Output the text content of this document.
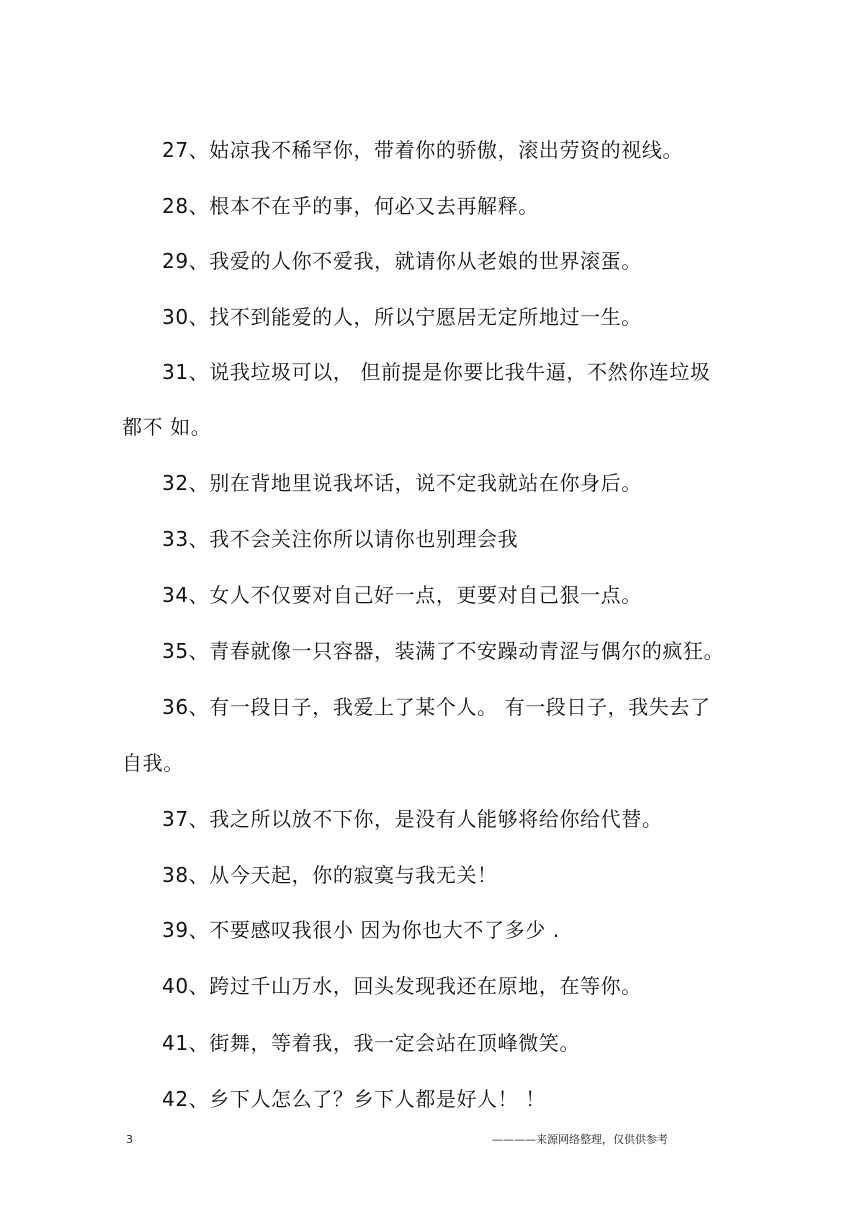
27、姑凉我不稀罕你，带着你的骄傲，滚出劳资的视线。
28、根本不在乎的事，何必又去再解释。
29、我爱的人你不爱我，就请你从老娘的世界滚蛋。
30、找不到能爱的人，所以宁愿居无定所地过一生。
31、说我垃圾可以， 但前提是你要比我牛逼，不然你连垃圾
都不 如。
32、别在背地里说我坏话，说不定我就站在你身后。
33、我不会关注你所以请你也别理会我
34、女人不仅要对自己好一点，更要对自己狠一点。
35、青春就像一只容器，装满了不安躁动青涩与偶尔的疯狂。
36、有一段日子，我爱上了某个人。 有一段日子，我失去了
自我。
37、我之所以放不下你，是没有人能够将给你给代替。
38、从今天起，你的寂寞与我无关！
39、不要感叹我很小 因为你也大不了多少 .
40、跨过千山万水，回头发现我还在原地，在等你。
41、街舞，等着我，我一定会站在顶峰微笑。
42、乡下人怎么了？乡下人都是好人！ ！
3	————来源网络整理，仅供供参考
